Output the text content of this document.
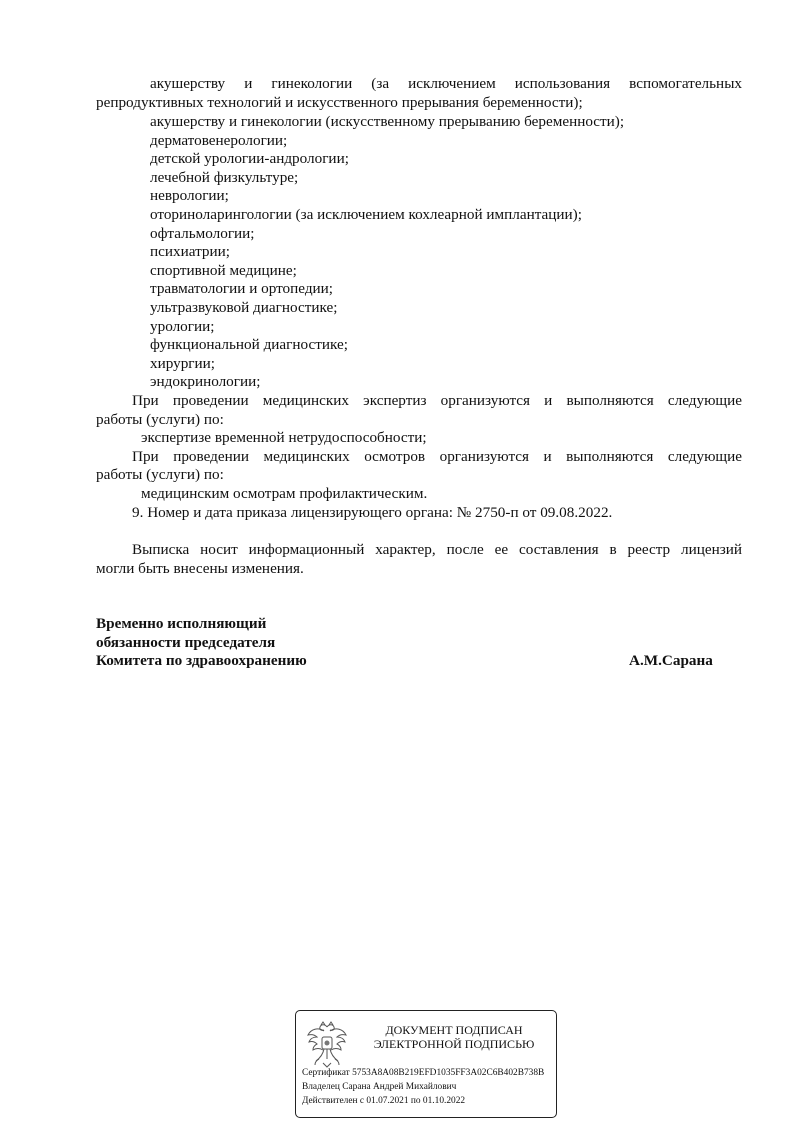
акушерству и гинекологии (за исключением использования вспомогательных
репродуктивных технологий и искусственного прерывания беременности);
акушерству и гинекологии (искусственному прерыванию беременности);
дерматовенерологии;
детской урологии-андрологии;
лечебной физкультуре;
неврологии;
оториноларингологии (за исключением кохлеарной имплантации);
офтальмологии;
психиатрии;
спортивной медицине;
травматологии и ортопедии;
ультразвуковой диагностике;
урологии;
функциональной диагностике;
хирургии;
эндокринологии;
При проведении медицинских экспертиз организуются и выполняются следующие
работы (услуги) по:
экспертизе временной нетрудоспособности;
При проведении медицинских осмотров организуются и выполняются следующие
работы (услуги) по:
медицинским осмотрам профилактическим.
9. Номер и дата приказа лицензирующего органа: № 2750-п от 09.08.2022.
Выписка носит информационный характер, после ее составления в реестр лицензий
могли быть внесены изменения.
Временно исполняющий
обязанности председателя
Комитета по здравоохранению	А.М.Сарана
ДОКУМЕНТ ПОДПИСАН
ЭЛЕКТРОННОЙ ПОДПИСЬЮ
Сертификат 5753A8A08B219EFD1035FF3A02C6B402B738B
Владелец Сарана Андрей Михайлович
Действителен с 01.07.2021 по 01.10.2022
